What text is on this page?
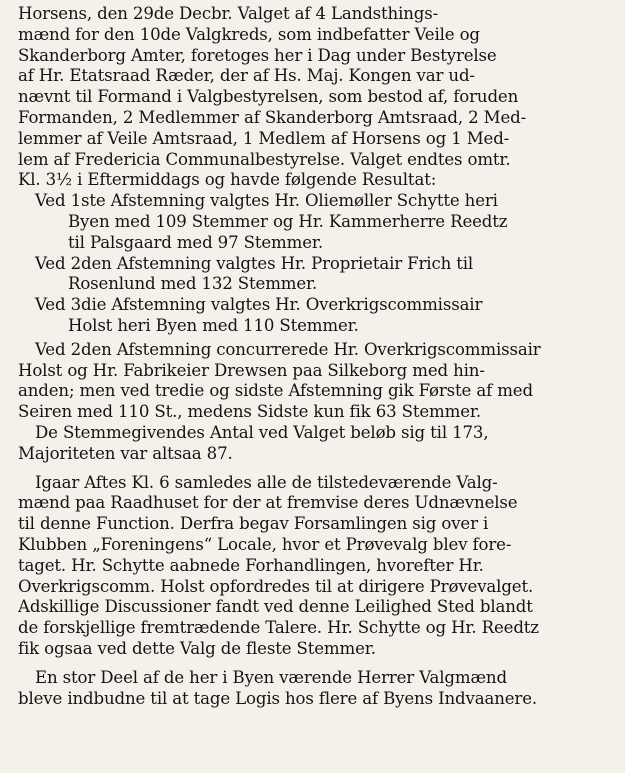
Horsens, den 29de Decbr. Valget af 4 Landsthings-
mænd for den 10de Valgkreds, som indbefatter Veile og
Skanderborg Amter, foretoges her i Dag under Bestyrelse
af Hr. Etatsraad Ræder, der af Hs. Maj. Kongen var ud-
nævnt til Formand i Valgbestyrelsen, som bestod af, foruden
Formanden, 2 Medlemmer af Skanderborg Amtsraad, 2 Med-
lemmer af Veile Amtsraad, 1 Medlem af Horsens og 1 Med-
lem af Fredericia Communalbestyrelse. Valget endtes omtr.
Kl. 3½ i Eftermiddags og havde følgende Resultat:
Ved 1ste Afstemning valgtes Hr. Oliemøller Schytte heri
Byen med 109 Stemmer og Hr. Kammerherre Reedtz
til Palsgaard med 97 Stemmer.
Ved 2den Afstemning valgtes Hr. Proprietair Frich til
Rosenlund med 132 Stemmer.
Ved 3die Afstemning valgtes Hr. Overkrigscommissair
Holst heri Byen med 110 Stemmer.
Ved 2den Afstemning concurrerede Hr. Overkrigscommissair
Holst og Hr. Fabrikeier Drewsen paa Silkeborg med hin-
anden; men ved tredie og sidste Afstemning gik Første af med
Seiren med 110 St., medens Sidste kun fik 63 Stemmer.
De Stemmegivendes Antal ved Valget beløb sig til 173,
Majoriteten var altsaa 87.
Igaar Aftes Kl. 6 samledes alle de tilstedeværende Valg-
mænd paa Raadhuset for der at fremvise deres Udnævnelse
til denne Function. Derfra begav Forsamlingen sig over i
Klubben „Foreningens“ Locale, hvor et Prøvevalg blev fore-
taget. Hr. Schytte aabnede Forhandlingen, hvorefter Hr.
Overkrigscomm. Holst opfordredes til at dirigere Prøvevalget.
Adskillige Discussioner fandt ved denne Leilighed Sted blandt
de forskjellige fremtrædende Talere. Hr. Schytte og Hr. Reedtz
fik ogsaa ved dette Valg de fleste Stemmer.
En stor Deel af de her i Byen værende Herrer Valgmænd
bleve indbudne til at tage Logis hos flere af Byens Indvaanere.
